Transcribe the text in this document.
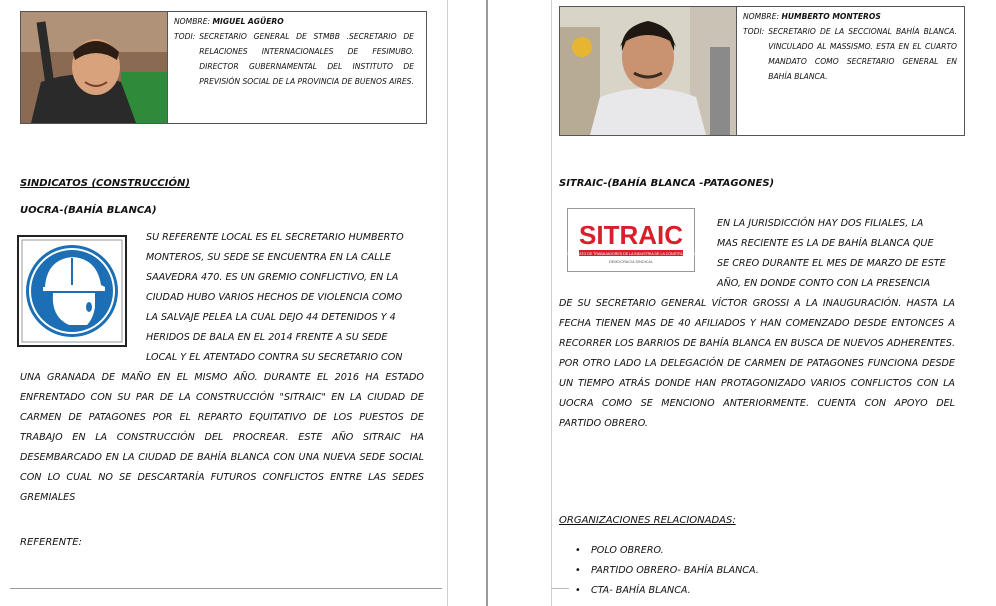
NOMBRE: MIGUEL AGÜERO
TODI: SECRETARIO GENERAL DE STMBB .SECRETARIO DE RELACIONES INTERNACIONALES DE FESIMUBO. DIRECTOR GUBERNAMENTAL DEL INSTITUTO DE PREVISIÓN SOCIAL DE LA PROVINCIA DE BUENOS AIRES.
SINDICATOS (CONSTRUCCIÓN)
UOCRA-(BAHÍA BLANCA)
SU REFERENTE LOCAL ES EL SECRETARIO HUMBERTO
MONTEROS, SU SEDE SE ENCUENTRA EN LA CALLE
SAAVEDRA 470. ES UN GREMIO CONFLICTIVO, EN LA
CIUDAD HUBO VARIOS HECHOS DE VIOLENCIA COMO
LA SALVAJE PELEA LA CUAL DEJO 44 DETENIDOS Y 4
HERIDOS DE BALA EN EL 2014 FRENTE A SU SEDE
LOCAL Y EL ATENTADO CONTRA SU SECRETARIO CON
UNA GRANADA DE MAÑO EN EL MISMO AÑO. DURANTE EL 2016 HA ESTADO ENFRENTADO CON SU PAR DE LA CONSTRUCCIÓN "SITRAIC" EN LA CIUDAD DE CARMEN DE PATAGONES POR EL REPARTO EQUITATIVO DE LOS PUESTOS DE TRABAJO EN LA CONSTRUCCIÓN DEL PROCREAR. ESTE AÑO SITRAIC HA DESEMBARCADO EN LA CIUDAD DE BAHÍA BLANCA CON UNA NUEVA SEDE SOCIAL CON LO CUAL NO SE DESCARTARÍA FUTUROS CONFLICTOS ENTRE LAS SEDES GREMIALES
REFERENTE:
NOMBRE: HUMBERTO MONTEROS
TODI: SECRETARIO DE LA SECCIONAL BAHÍA BLANCA. VINCULADO AL MASSISMO. ESTA EN EL CUARTO MANDATO COMO SECRETARIO GENERAL EN BAHÍA BLANCA.
SITRAIC-(BAHÍA BLANCA -PATAGONES)
SITRAIC
SINDICATO DE TRABAJADORES DE LA INDUSTRIA DE LA CONSTRUCCIÓN
DEMOCRACIA SINDICAL
EN LA JURISDICCIÓN HAY DOS FILIALES, LA
MAS RECIENTE ES LA DE BAHÍA BLANCA QUE
SE CREO DURANTE EL MES DE MARZO DE ESTE
AÑO, EN DONDE CONTO CON LA PRESENCIA
DE SU SECRETARIO GENERAL VÍCTOR GROSSI A LA INAUGURACIÓN. HASTA LA FECHA TIENEN MAS DE 40 AFILIADOS Y HAN COMENZADO DESDE ENTONCES A RECORRER LOS BARRIOS DE BAHÍA BLANCA EN BUSCA DE NUEVOS ADHERENTES. POR OTRO LADO LA DELEGACIÓN DE CARMEN DE PATAGONES FUNCIONA DESDE UN TIEMPO ATRÁS DONDE HAN PROTAGONIZADO VARIOS CONFLICTOS CON LA UOCRA COMO SE MENCIONO ANTERIORMENTE. CUENTA CON APOYO DEL PARTIDO OBRERO.
ORGANIZACIONES RELACIONADAS:
• POLO OBRERO.
• PARTIDO OBRERO- BAHÍA BLANCA.
• CTA- BAHÍA BLANCA.
